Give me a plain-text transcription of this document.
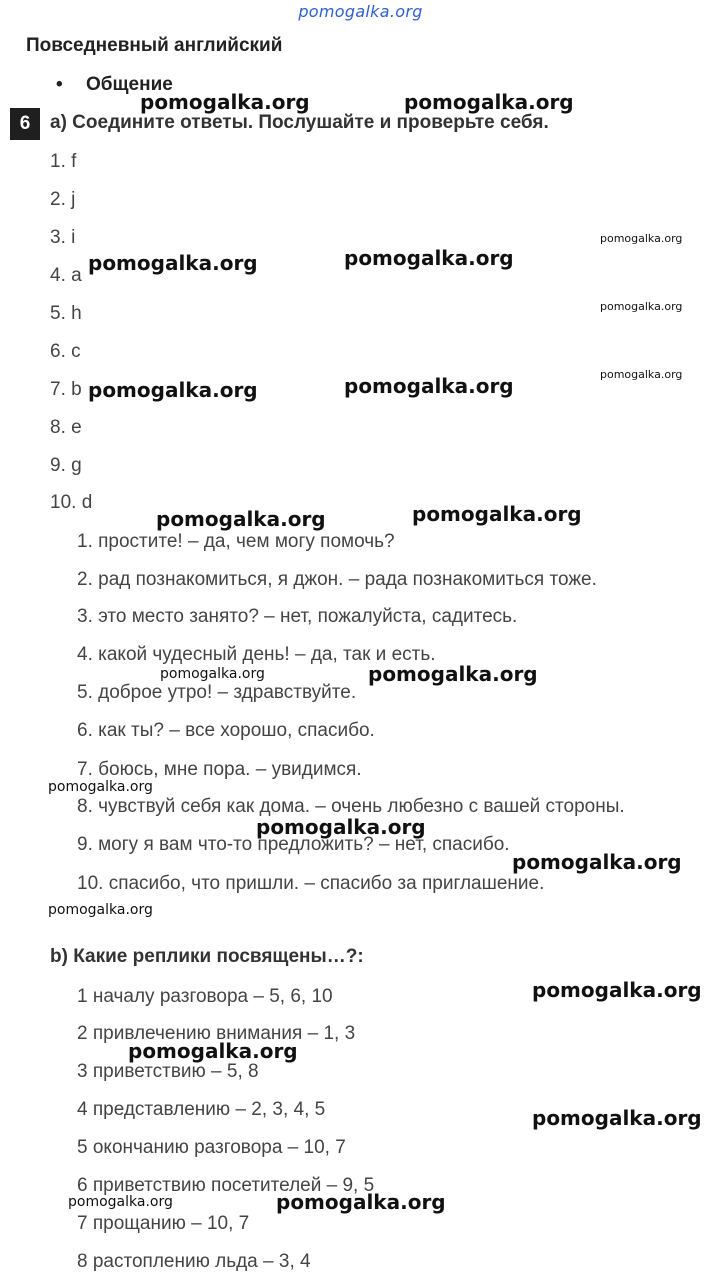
pomogalka.org
Повседневный английский
• Общение
6	a) Соедините ответы. Послушайте и проверьте себя.
1. f
2. j
3. i
4. a
5. h
6. c
7. b
8. e
9. g
10. d
1. простите! – да, чем могу помочь?
2. рад познакомиться, я джон. – рада познакомиться тоже.
3. это место занято? – нет, пожалуйста, садитесь.
4. какой чудесный день! – да, так и есть.
5. доброе утро! – здравствуйте.
6. как ты? – все хорошо, спасибо.
7. боюсь, мне пора. – увидимся.
8. чувствуй себя как дома. – очень любезно с вашей стороны.
9. могу я вам что-то предложить? – нет, спасибо.
10. спасибо, что пришли. – спасибо за приглашение.
b) Какие реплики посвящены…?:
1 началу разговора – 5, 6, 10
2 привлечению внимания – 1, 3
3 приветствию – 5, 8
4 представлению – 2, 3, 4, 5
5 окончанию разговора – 10, 7
6 приветствию посетителей – 9, 5
7 прощанию – 10, 7
8 растоплению льда – 3, 4
pomogalka.org	pomogalka.org
pomogalka.org
pomogalka.org
pomogalka.org
pomogalka.org
pomogalka.org
pomogalka.org
pomogalka.org
pomogalka.org
pomogalka.org
pomogalka.org
pomogalka.org
pomogalka.org
pomogalka.org
pomogalka.org
pomogalka.org
pomogalka.org
pomogalka.org
pomogalka.org
pomogalka.org	pomogalka.org
